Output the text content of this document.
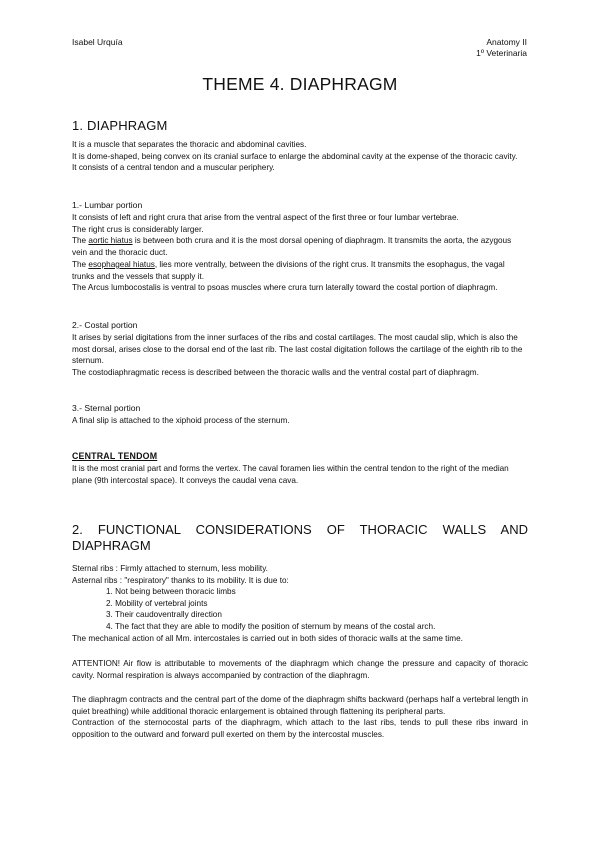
Isabel Urquía	Anatomy II
1º Veterinaria
THEME 4. DIAPHRAGM
1. DIAPHRAGM
It is a muscle that separates the thoracic and abdominal cavities.
It is dome-shaped, being convex on its cranial surface to enlarge the abdominal cavity at the expense of the thoracic cavity.
It consists of a central tendon and a muscular periphery.
1.- Lumbar portion
It consists of left and right crura that arise from the ventral aspect of the first three or four lumbar vertebrae.
The right crus is considerably larger.
The aortic hiatus is between both crura and it is the most dorsal opening of diaphragm. It transmits the aorta, the azygous vein and the thoracic duct.
The esophageal hiatus, lies more ventrally, between the divisions of the right crus. It transmits the esophagus, the vagal trunks and the vessels that supply it.
The Arcus lumbocostalis is ventral to psoas muscles where crura turn laterally toward the costal portion of diaphragm.
2.- Costal portion
It arises by serial digitations from the inner surfaces of the ribs and costal cartilages. The most caudal slip, which is also the most dorsal, arises close to the dorsal end of the last rib. The last costal digitation follows the cartilage of the eighth rib to the sternum.
The costodiaphragmatic recess is described between the thoracic walls and the ventral costal part of diaphragm.
3.- Sternal portion
A final slip is attached to the xiphoid process of the sternum.
CENTRAL TENDOM
It is the most cranial part and forms the vertex. The caval foramen lies within the central tendon to the right of the median plane (9th intercostal space). It conveys the caudal vena cava.
2. FUNCTIONAL CONSIDERATIONS OF THORACIC WALLS AND DIAPHRAGM
Sternal ribs : Firmly attached to sternum, less mobility.
Asternal ribs : "respiratory" thanks to its mobility. It is due to:
1. Not being between thoracic limbs
2. Mobility of vertebral joints
3. Their caudoventrally direction
4. The fact that they are able to modify the position of sternum by means of the costal arch.
The mechanical action of all Mm. intercostales is carried out in both sides of thoracic walls at the same time.
ATTENTION! Air flow is attributable to movements of the diaphragm which change the pressure and capacity of thoracic cavity. Normal respiration is always accompanied by contraction of the diaphragm.
The diaphragm contracts and the central part of the dome of the diaphragm shifts backward (perhaps half a vertebral length in quiet breathing) while additional thoracic enlargement is obtained through flattening its peripheral parts.
Contraction of the sternocostal parts of the diaphragm, which attach to the last ribs, tends to pull these ribs inward in opposition to the outward and forward pull exerted on them by the intercostal muscles.
